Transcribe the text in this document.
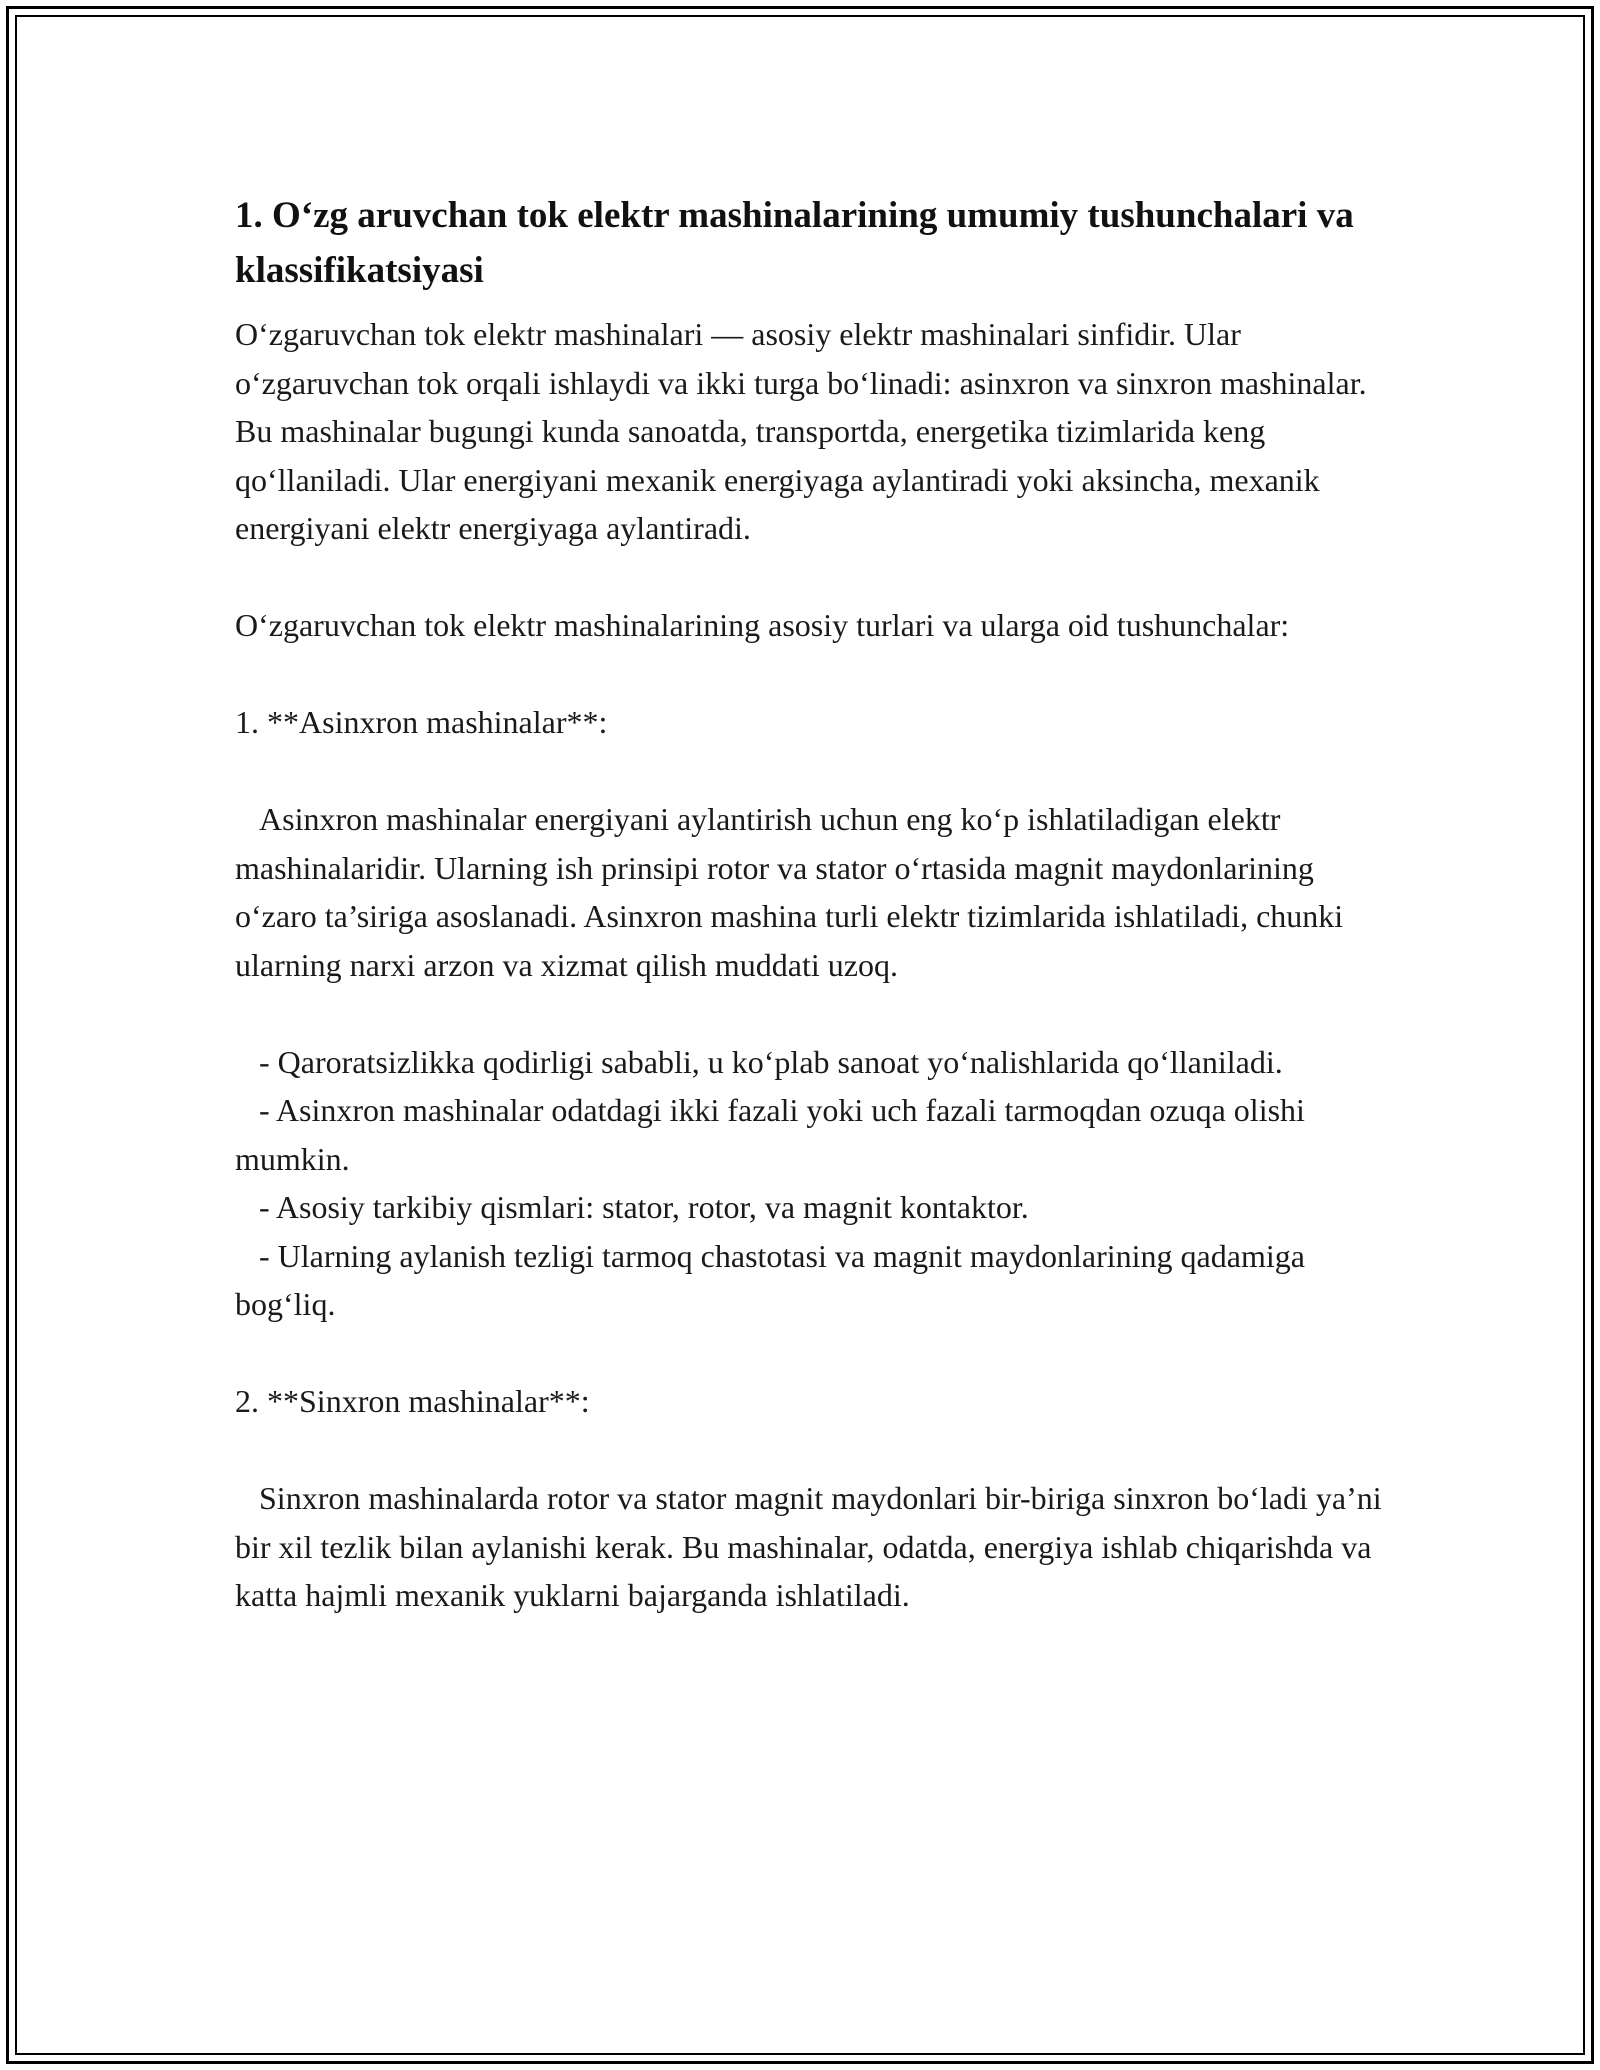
1. O‘zg aruvchan tok elektr mashinalarining umumiy tushunchalari va klassifikatsiyasi

O‘zgaruvchan tok elektr mashinalari — asosiy elektr mashinalari sinfidir. Ular o‘zgaruvchan tok orqali ishlaydi va ikki turga bo‘linadi: asinxron va sinxron mashinalar. Bu mashinalar bugungi kunda sanoatda, transportda, energetika tizimlarida keng qo‘llaniladi. Ular energiyani mexanik energiyaga aylantiradi yoki aksincha, mexanik energiyani elektr energiyaga aylantiradi.

O‘zgaruvchan tok elektr mashinalarining asosiy turlari va ularga oid tushunchalar:

1. **Asinxron mashinalar**:

Asinxron mashinalar energiyani aylantirish uchun eng ko‘p ishlatiladigan elektr mashinalaridir. Ularning ish prinsipi rotor va stator o‘rtasida magnit maydonlarining o‘zaro ta’siriga asoslanadi. Asinxron mashina turli elektr tizimlarida ishlatiladi, chunki ularning narxi arzon va xizmat qilish muddati uzoq.

- Qaroratsizlikka qodirligi sababli, u ko‘plab sanoat yo‘nalishlarida qo‘llaniladi.

- Asinxron mashinalar odatdagi ikki fazali yoki uch fazali tarmoqdan ozuqa olishi mumkin.

- Asosiy tarkibiy qismlari: stator, rotor, va magnit kontaktor.

- Ularning aylanish tezligi tarmoq chastotasi va magnit maydonlarining qadamiga bog‘liq.

2. **Sinxron mashinalar**:

Sinxron mashinalarda rotor va stator magnit maydonlari bir-biriga sinxron bo‘ladi ya’ni bir xil tezlik bilan aylanishi kerak. Bu mashinalar, odatda, energiya ishlab chiqarishda va katta hajmli mexanik yuklarni bajarganda ishlatiladi.
